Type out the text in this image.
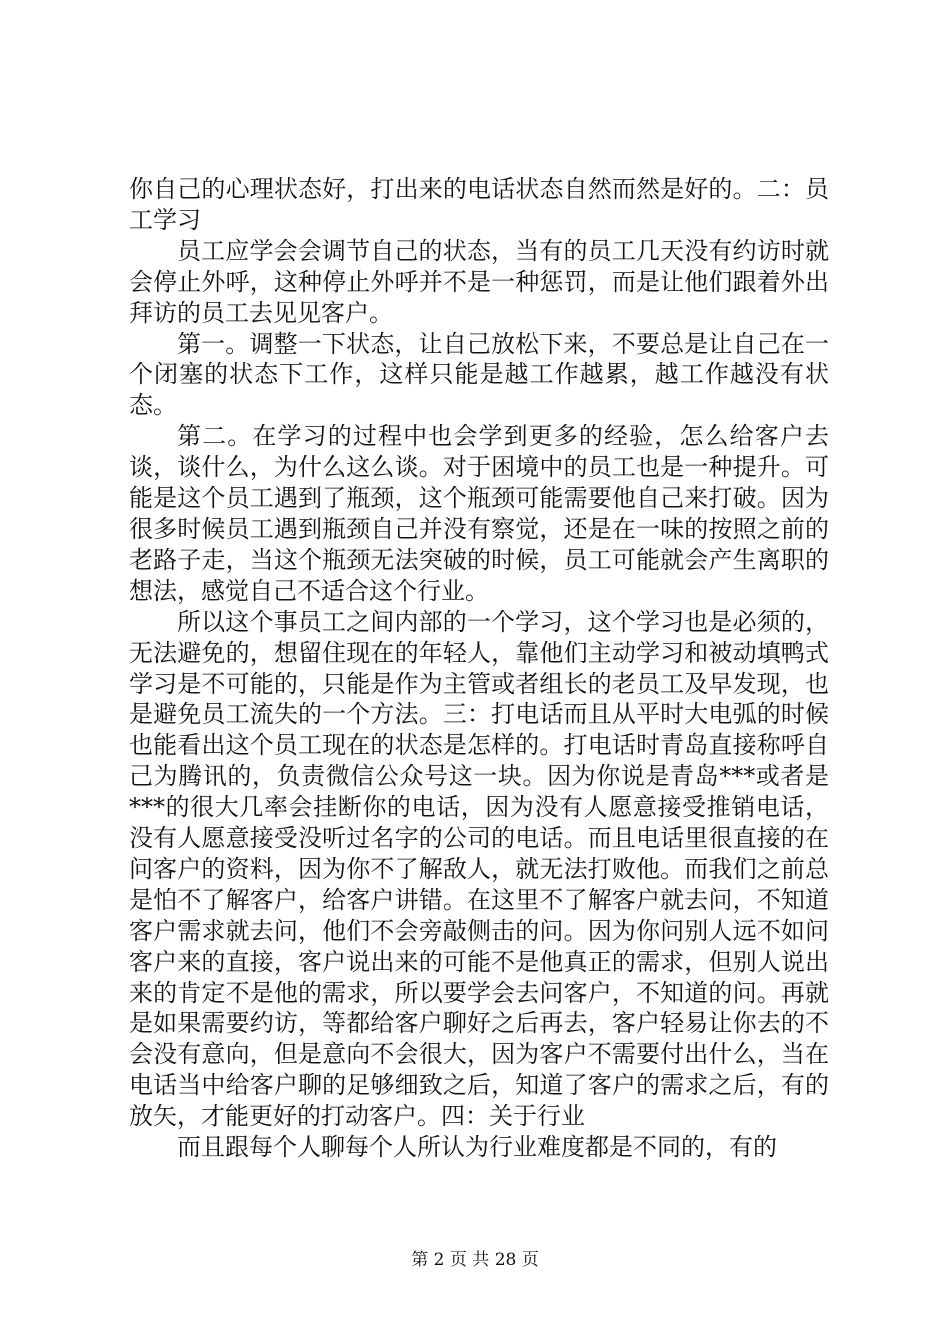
你自己的心理状态好，打出来的电话状态自然而然是好的。二：员工学习

员工应学会会调节自己的状态，当有的员工几天没有约访时就会停止外呼，这种停止外呼并不是一种惩罚，而是让他们跟着外出拜访的员工去见见客户。

第一。调整一下状态，让自己放松下来，不要总是让自己在一个闭塞的状态下工作，这样只能是越工作越累，越工作越没有状态。

第二。在学习的过程中也会学到更多的经验，怎么给客户去谈，谈什么，为什么这么谈。对于困境中的员工也是一种提升。可能是这个员工遇到了瓶颈，这个瓶颈可能需要他自己来打破。因为很多时候员工遇到瓶颈自己并没有察觉，还是在一味的按照之前的老路子走，当这个瓶颈无法突破的时候，员工可能就会产生离职的想法，感觉自己不适合这个行业。

所以这个事员工之间内部的一个学习，这个学习也是必须的，无法避免的，想留住现在的年轻人，靠他们主动学习和被动填鸭式学习是不可能的，只能是作为主管或者组长的老员工及早发现，也是避免员工流失的一个方法。三：打电话而且从平时大电弧的时候也能看出这个员工现在的状态是怎样的。打电话时青岛直接称呼自己为腾讯的，负责微信公众号这一块。因为你说是青岛***或者是***的很大几率会挂断你的电话，因为没有人愿意接受推销电话，没有人愿意接受没听过名字的公司的电话。而且电话里很直接的在问客户的资料，因为你不了解敌人，就无法打败他。而我们之前总是怕不了解客户，给客户讲错。在这里不了解客户就去问，不知道客户需求就去问，他们不会旁敲侧击的问。因为你问别人远不如问客户来的直接，客户说出来的可能不是他真正的需求，但别人说出来的肯定不是他的需求，所以要学会去问客户，不知道的问。再就是如果需要约访，等都给客户聊好之后再去，客户轻易让你去的不会没有意向，但是意向不会很大，因为客户不需要付出什么，当在电话当中给客户聊的足够细致之后，知道了客户的需求之后，有的放矢，才能更好的打动客户。四：关于行业

而且跟每个人聊每个人所认为行业难度都是不同的，有的

第 2 页 共 28 页
